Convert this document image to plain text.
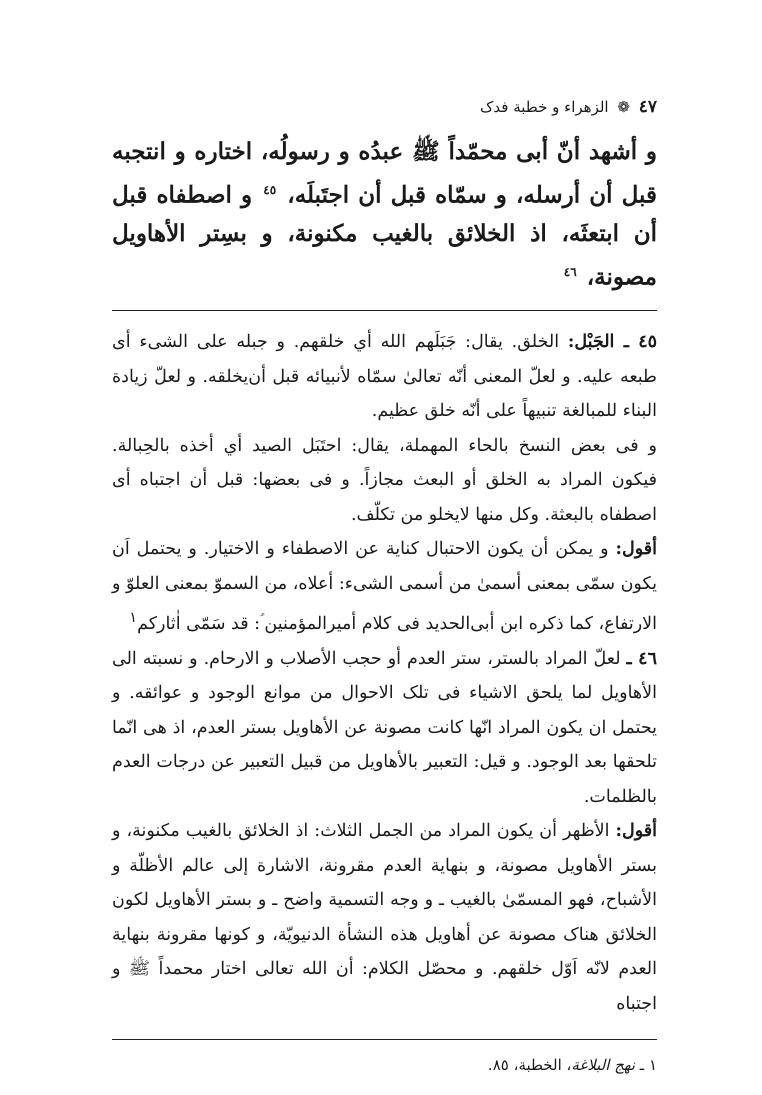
٤٧ ❁ الزهراء و خطبة فدک
و أشهد أنّ أبی محمّداً ﷺ عبدُه و رسولُه، اختاره و انتجبه قبل أن أرسله، و سمّاه قبل أن اجتَبلَه، $^{٤٥}$ و اصطفاه قبل أن ابتعثَه، اذ الخلائق بالغیب مکنونة، و بسِتر الأهاویل مصونة، $^{٤٦}$

٤٥ ـ الجَبْل: الخلق. يقال: جَبَلَهم الله أي خلقهم. و جبله علی الشیء أی طبعه عليه. و لعلّ المعنی أنّه تعالیٰ سمّاه لأنبیائه قبل أن‌یخلقه. و لعلّ زیادة البناء للمبالغة تنبیهاً علی أنّه خلق عظیم.

و فی بعض النسخ بالحاء المهملة، يقال: احتَبَل الصید أي أخذه بالحِبالة. فیکون المراد به الخلق أو البعث مجازاً. و فی بعضها: قبل أن اجتباه أی اصطفاه بالبعثة. وکل منها لایخلو من تکلّف.

أقول: و یمکن أن یکون الاحتبال کنایة عن الاصطفاء و الاختیار. و یحتمل اَن یکون سمّی بمعنی أسمیٰ من أسمی الشیء: أعلاه، من السموّ بمعنی العلوّ و الارتفاع، کما ذکره ابن أبی‌الحدید فی کلام أمیرالمؤمنین ؑ: قد سَمّی اٰثارکم$^١$

٤٦ ـ لعلّ المراد بالستر، ستر العدم أو حجب الأصلاب و الارحام. و نسبته الی الأهاویل لما یلحق الاشیاء فی تلک الاحوال من موانع الوجود و عوائقه. و یحتمل ان یکون المراد انّها کانت مصونة عن الأهاویل بستر العدم، اذ هی انّما تلحقها بعد الوجود. و قیل: التعبیر بالأهاویل من قبیل التعبیر عن درجات العدم بالظلمات.

أقول: الأظهر أن یکون المراد من الجمل الثلاث: اذ الخلائق بالغیب مکنونة، و بستر الأهاویل مصونة، و بنهایة العدم مقرونة، الاشارة إلی عالم الأظلّة و الأشباح، فهو المسمّیٰ بالغیب ـ و وجه التسمیة واضح ـ و بستر الأهاویل لکون الخلائق هناک مصونة عن أهاویل هذه النشأة الدنیویّة، و کونها مقرونة بنهایة العدم لانّه اَوّل خلقهم. و محصّل الکلام: أن الله تعالی اختار محمداً ﷺ و اجتباه

١ ـ نهج البلاغة، الخطبة، ٨٥.
